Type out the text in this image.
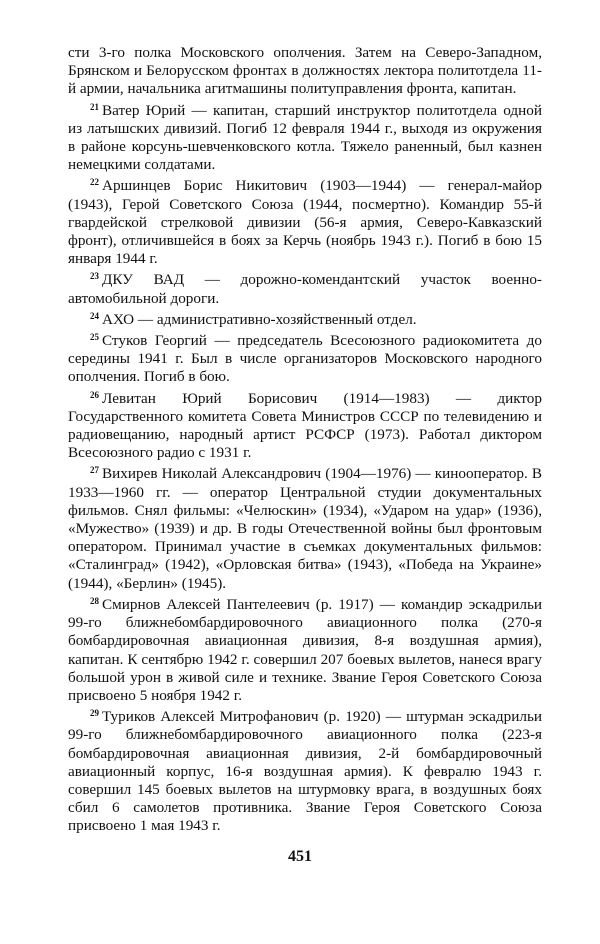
сти 3-го полка Московского ополчения. Затем на Северо-Западном, Брянском и Белорусском фронтах в должностях лектора политотдела 11-й армии, начальника агитмашины политуправления фронта, капитан.

$^{21}$ Ватер Юрий — капитан, старший инструктор политотдела одной из латышских дивизий. Погиб 12 февраля 1944 г., выходя из окружения в районе корсунь-шевченковского котла. Тяжело раненный, был казнен немецкими солдатами.

$^{22}$ Аршинцев Борис Никитович (1903—1944) — генерал-майор (1943), Герой Советского Союза (1944, посмертно). Командир 55-й гвардейской стрелковой дивизии (56-я армия, Северо-Кавказский фронт), отличившейся в боях за Керчь (ноябрь 1943 г.). Погиб в бою 15 января 1944 г.

$^{23}$ ДКУ ВАД — дорожно-комендантский участок военно-автомобильной дороги.

$^{24}$ АХО — административно-хозяйственный отдел.

$^{25}$ Стуков Георгий — председатель Всесоюзного радиокомитета до середины 1941 г. Был в числе организаторов Московского народного ополчения. Погиб в бою.

$^{26}$ Левитан Юрий Борисович (1914—1983) — диктор Государственного комитета Совета Министров СССР по телевидению и радиовещанию, народный артист РСФСР (1973). Работал диктором Всесоюзного радио с 1931 г.

$^{27}$ Вихирев Николай Александрович (1904—1976) — кинооператор. В 1933—1960 гг. — оператор Центральной студии документальных фильмов. Снял фильмы: «Челюскин» (1934), «Ударом на удар» (1936), «Мужество» (1939) и др. В годы Отечественной войны был фронтовым оператором. Принимал участие в съемках документальных фильмов: «Сталинград» (1942), «Орловская битва» (1943), «Победа на Украине» (1944), «Берлин» (1945).

$^{28}$ Смирнов Алексей Пантелеевич (р. 1917) — командир эскадрильи 99-го ближнебомбардировочного авиационного полка (270-я бомбардировочная авиационная дивизия, 8-я воздушная армия), капитан. К сентябрю 1942 г. совершил 207 боевых вылетов, нанеся врагу большой урон в живой силе и технике. Звание Героя Советского Союза присвоено 5 ноября 1942 г.

$^{29}$ Туриков Алексей Митрофанович (р. 1920) — штурман эскадрильи 99-го ближнебомбардировочного авиационного полка (223-я бомбардировочная авиационная дивизия, 2-й бомбардировочный авиационный корпус, 16-я воздушная армия). К февралю 1943 г. совершил 145 боевых вылетов на штурмовку врага, в воздушных боях сбил 6 самолетов противника. Звание Героя Советского Союза присвоено 1 мая 1943 г.

451
